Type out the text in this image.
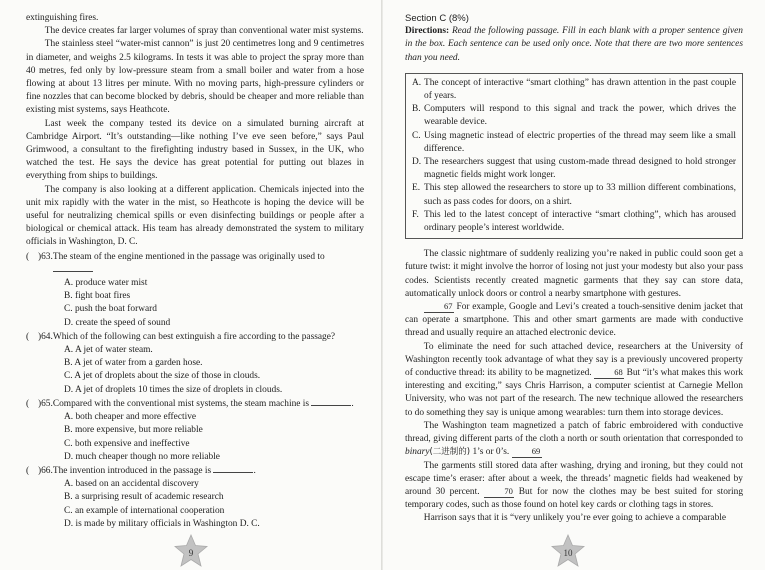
extinguishing fires.

The device creates far larger volumes of spray than conventional water mist systems.

The stainless steel “water-mist cannon” is just 20 centimetres long and 9 centimetres in diameter, and weighs 2.5 kilograms. In tests it was able to project the spray more than 40 metres, fed only by low-pressure steam from a small boiler and water from a hose flowing at about 13 litres per minute. With no moving parts, high-pressure cylinders or fine nozzles that can become blocked by debris, should be cheaper and more reliable than existing mist systems, says Heathcote.

Last week the company tested its device on a simulated burning aircraft at Cambridge Airport. “It’s outstanding—like nothing I’ve eve seen before,” says Paul Grimwood, a consultant to the firefighting industry based in Sussex, in the UK, who watched the test. He says the device has great potential for putting out blazes in everything from ships to buildings.

The company is also looking at a different application. Chemicals injected into the unit mix rapidly with the water in the mist, so Heathcote is hoping the device will be useful for neutralizing chemical spills or even disinfecting buildings or people after a biological or chemical attack. His team has already demonstrated the system to military officials in Washington, D. C.

( )63. The steam of the engine mentioned in the passage was originally used to
A. produce water mist
B. fight boat fires
C. push the boat forward
D. create the speed of sound
( )64. Which of the following can best extinguish a fire according to the passage?
A. A jet of water steam.
B. A jet of water from a garden hose.
C. A jet of droplets about the size of those in clouds.
D. A jet of droplets 10 times the size of droplets in clouds.
( )65. Compared with the conventional mist systems, the steam machine is	.
A. both cheaper and more effective
B. more expensive, but more reliable
C. both expensive and ineffective
D. much cheaper though no more reliable
( )66. The invention introduced in the passage is	.
A. based on an accidental discovery
B. a surprising result of academic research
C. an example of international cooperation
D. is made by military officials in Washington D. C.
9

Section C (8%)

Directions: Read the following passage. Fill in each blank with a proper sentence given in the box. Each sentence can be used only once. Note that there are two more sentences than you need.

A. The concept of interactive “smart clothing” has drawn attention in the past couple of years.
B. Computers will respond to this signal and track the power, which drives the wearable device.
C. Using magnetic instead of electric properties of the thread may seem like a small difference.
D. The researchers suggest that using custom-made thread designed to hold stronger magnetic fields might work longer.
E. This step allowed the researchers to store up to 33 million different combinations, such as pass codes for doors, on a shirt.
F. This led to the latest concept of interactive “smart clothing”, which has aroused ordinary people’s interest worldwide.

The classic nightmare of suddenly realizing you’re naked in public could soon get a future twist: it might involve the horror of losing not just your modesty but also your pass codes. Scientists recently created magnetic garments that they say can store data, automatically unlock doors or control a nearby smartphone with gestures.

67 For example, Google and Levi’s created a touch-sensitive denim jacket that can operate a smartphone. This and other smart garments are made with conductive thread and usually require an attached electronic device.

To eliminate the need for such attached device, researchers at the University of Washington recently took advantage of what they say is a previously uncovered property of conductive thread: its ability to be magnetized.	68 But “it’s what makes this work interesting and exciting,” says Chris Harrison, a computer scientist at Carnegie Mellon University, who was not part of the research. The new technique allowed the researchers to do something they say is unique among wearables: turn them into storage devices.

The Washington team magnetized a patch of fabric embroidered with conductive thread, giving different parts of the cloth a north or south orientation that corresponded to binary(二进制的) 1’s or 0’s.	69

The garments still stored data after washing, drying and ironing, but they could not escape time’s eraser: after about a week, the threads’ magnetic fields had weakened by around 30 percent.	70 But for now the clothes may be best suited for storing temporary codes, such as those found on hotel key cards or clothing tags in stores.

Harrison says that it is “very unlikely you’re ever going to achieve a comparable

10
